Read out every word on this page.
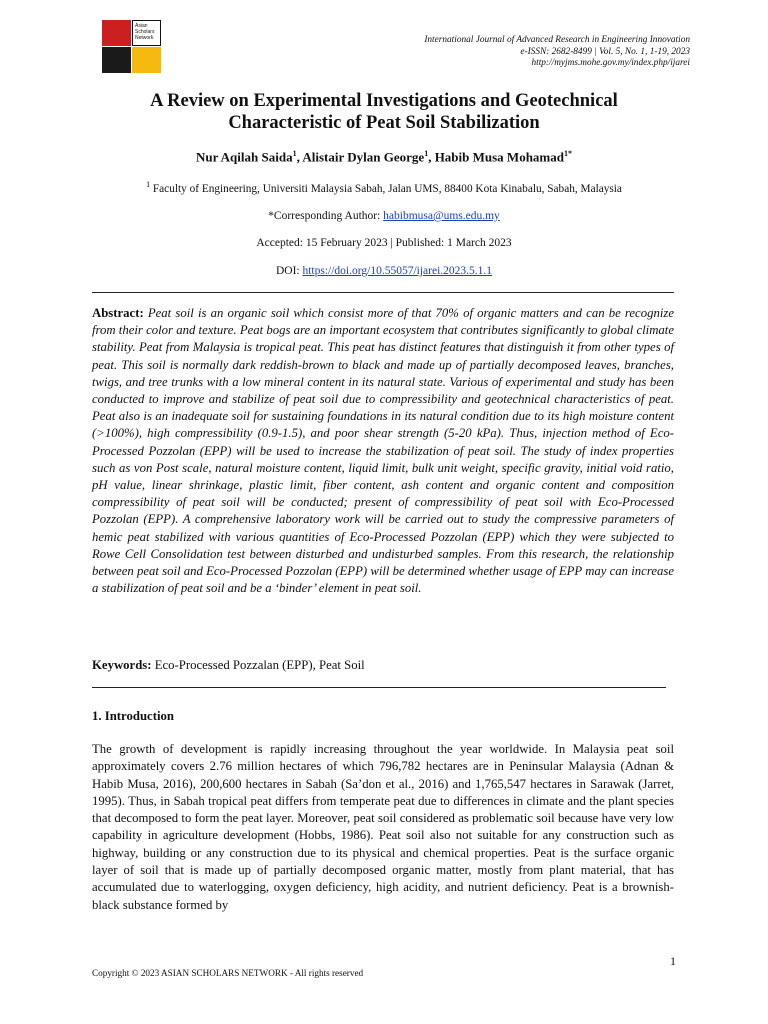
Asian
Scholars
Network	International Journal of Advanced Research in Engineering Innovation
e-ISSN: 2682-8499 | Vol. 5, No. 1, 1-19, 2023
http://myjms.mohe.gov.my/index.php/ijarei
A Review on Experimental Investigations and Geotechnical Characteristic of Peat Soil Stabilization
Nur Aqilah Saida$^1$, Alistair Dylan George$^1$, Habib Musa Mohamad$^{1*}$
$^1$ Faculty of Engineering, Universiti Malaysia Sabah, Jalan UMS, 88400 Kota Kinabalu, Sabah, Malaysia
*Corresponding Author: habibmusa@ums.edu.my
Accepted: 15 February 2023 | Published: 1 March 2023
DOI: https://doi.org/10.55057/ijarei.2023.5.1.1
Abstract: Peat soil is an organic soil which consist more of that 70% of organic matters and can be recognize from their color and texture. Peat bogs are an important ecosystem that contributes significantly to global climate stability. Peat from Malaysia is tropical peat. This peat has distinct features that distinguish it from other types of peat. This soil is normally dark reddish-brown to black and made up of partially decomposed leaves, branches, twigs, and tree trunks with a low mineral content in its natural state. Various of experimental and study has been conducted to improve and stabilize of peat soil due to compressibility and geotechnical characteristics of peat. Peat also is an inadequate soil for sustaining foundations in its natural condition due to its high moisture content (>100%), high compressibility (0.9-1.5), and poor shear strength (5-20 kPa). Thus, injection method of Eco-Processed Pozzolan (EPP) will be used to increase the stabilization of peat soil. The study of index properties such as von Post scale, natural moisture content, liquid limit, bulk unit weight, specific gravity, initial void ratio, pH value, linear shrinkage, plastic limit, fiber content, ash content and organic content and composition compressibility of peat soil will be conducted; present of compressibility of peat soil with Eco-Processed Pozzolan (EPP). A comprehensive laboratory work will be carried out to study the compressive parameters of hemic peat stabilized with various quantities of Eco-Processed Pozzolan (EPP) which they were subjected to Rowe Cell Consolidation test between disturbed and undisturbed samples. From this research, the relationship between peat soil and Eco-Processed Pozzolan (EPP) will be determined whether usage of EPP may can increase a stabilization of peat soil and be a ‘binder’ element in peat soil.
Keywords: Eco-Processed Pozzalan (EPP), Peat Soil
1. Introduction
The growth of development is rapidly increasing throughout the year worldwide. In Malaysia peat soil approximately covers 2.76 million hectares of which 796,782 hectares are in Peninsular Malaysia (Adnan & Habib Musa, 2016), 200,600 hectares in Sabah (Sa’don et al., 2016) and 1,765,547 hectares in Sarawak (Jarret, 1995). Thus, in Sabah tropical peat differs from temperate peat due to differences in climate and the plant species that decomposed to form the peat layer. Moreover, peat soil considered as problematic soil because have very low capability in agriculture development (Hobbs, 1986). Peat soil also not suitable for any construction such as highway, building or any construction due to its physical and chemical properties. Peat is the surface organic layer of soil that is made up of partially decomposed organic matter, mostly from plant material, that has accumulated due to waterlogging, oxygen deficiency, high acidity, and nutrient deficiency. Peat is a brownish-black substance formed by
1
Copyright © 2023 ASIAN SCHOLARS NETWORK - All rights reserved
